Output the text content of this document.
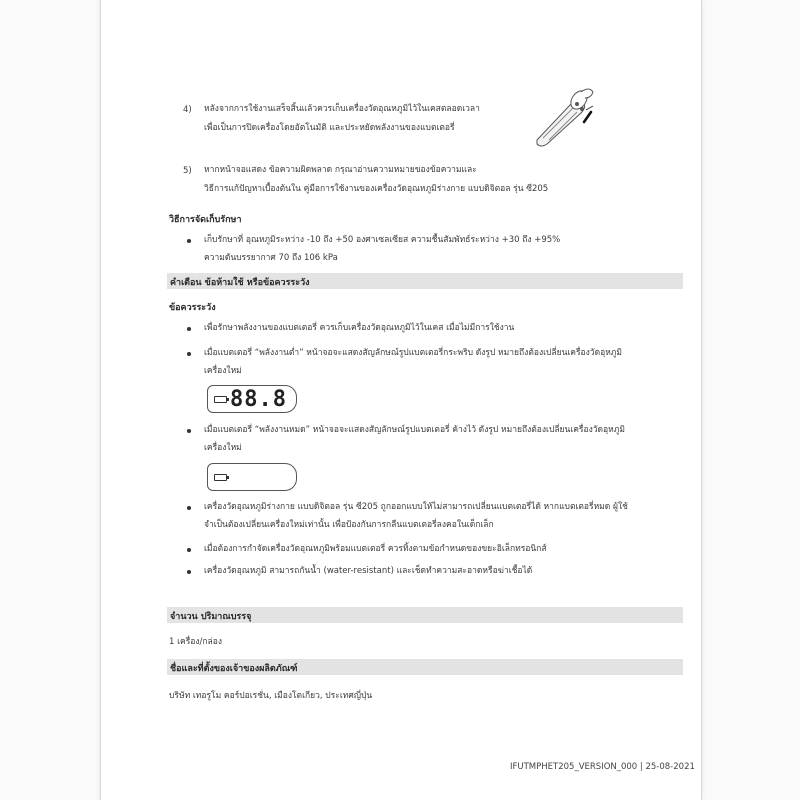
4) หลังจากการใช้งานเสร็จสิ้นแล้วควรเก็บเครื่องวัดอุณหภูมิไว้ในเคสตลอดเวลา
เพื่อเป็นการปิดเครื่องโดยอัตโนมัติ และประหยัดพลังงานของแบตเตอรี่
5) หากหน้าจอแสดง ข้อความผิดพลาด กรุณาอ่านความหมายของข้อความและ
วิธีการแก้ปัญหาเบื้องต้นใน คู่มือการใช้งานของเครื่องวัดอุณหภูมิร่างกาย แบบดิจิตอล รุ่น ซี205
วิธีการจัดเก็บรักษา
เก็บรักษาที่ อุณหภูมิระหว่าง -10 ถึง +50 องศาเซลเซียส ความชื้นสัมพัทธ์ระหว่าง +30 ถึง +95%
ความดันบรรยากาศ 70 ถึง 106 kPa
คำเตือน ข้อห้ามใช้ หรือข้อควรระวัง
ข้อควรระวัง
เพื่อรักษาพลังงานของแบตเตอรี่ ควรเก็บเครื่องวัดอุณหภูมิไว้ในเคส เมื่อไม่มีการใช้งาน
เมื่อแบตเตอรี่ “พลังงานต่ำ” หน้าจอจะแสดงสัญลักษณ์รูปแบตเตอรี่กระพริบ ดังรูป หมายถึงต้องเปลี่ยนเครื่องวัดอุหภูมิ
เครื่องใหม่
88.8
เมื่อแบตเตอรี่ “พลังงานหมด” หน้าจอจะแสดงสัญลักษณ์รูปแบตเตอรี่ ค้างไว้ ดังรูป หมายถึงต้องเปลี่ยนเครื่องวัดอุหภูมิ
เครื่องใหม่
เครื่องวัดอุณหภูมิร่างกาย แบบดิจิตอล รุ่น ซี205 ถูกออกแบบให้ไม่สามารถเปลี่ยนแบตเตอรี่ได้ หากแบตเตอรี่หมด ผู้ใช้
จำเป็นต้องเปลี่ยนเครื่องใหม่เท่านั้น เพื่อป้องกันการกลืนแบตเตอรี่ลงคอในเด็กเล็ก
เมื่อต้องการกำจัดเครื่องวัดอุณหภูมิพร้อมแบตเตอรี่ ควรทิ้งตามข้อกำหนดของขยะอิเล็กทรอนิกส์
เครื่องวัดอุณหภูมิ สามารถกันน้ำ (water-resistant) และเช็ดทำความสะอาดหรือฆ่าเชื้อได้
จำนวน ปริมาณบรรจุ
1 เครื่อง/กล่อง
ชื่อและที่ตั้งของเจ้าของผลิตภัณฑ์
บริษัท เทอรูโม คอร์ปอเรชั่น, เมืองโตเกียว, ประเทศญี่ปุ่น
IFUTMPHET205_VERSION_000 | 25-08-2021
